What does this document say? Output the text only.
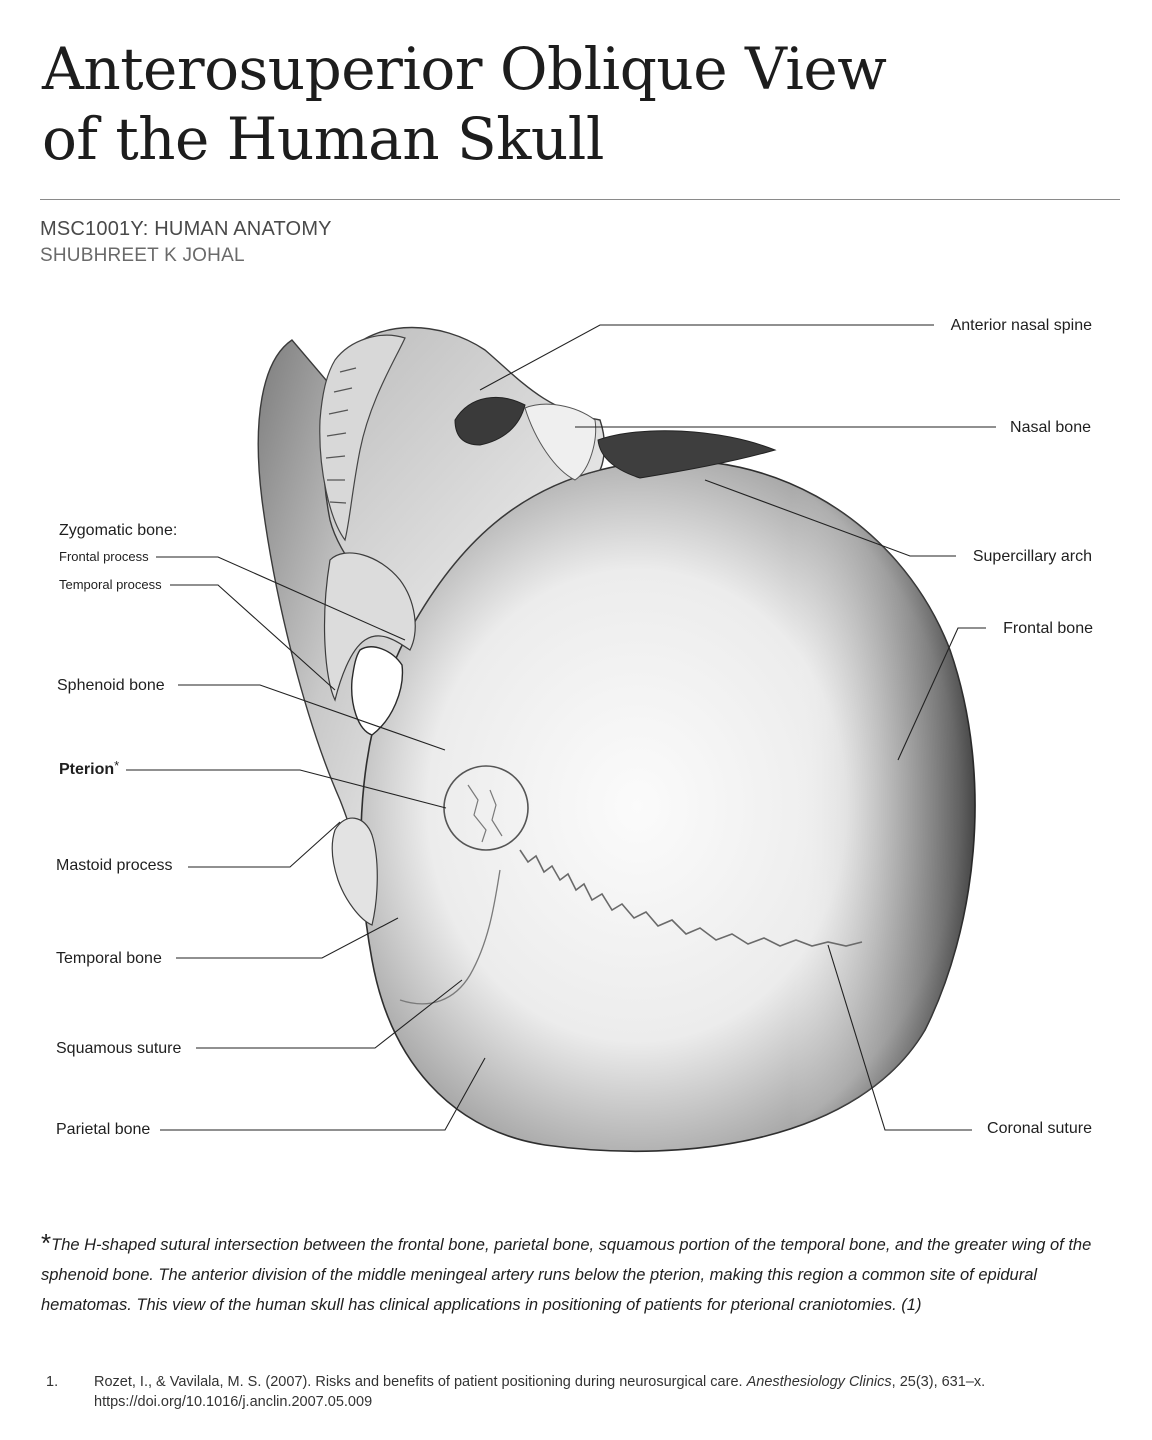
Anterosuperior Oblique View
of the Human Skull
MSC1001Y: HUMAN ANATOMY
SHUBHREET K JOHAL
Anterior nasal spine
Nasal bone
Supercillary arch
Frontal bone
Coronal suture
Zygomatic bone:
Frontal process
Temporal process
Sphenoid bone
Pterion*
Mastoid process
Temporal bone
Squamous suture
Parietal bone
*The H-shaped sutural intersection between the frontal bone, parietal bone, squamous portion of the temporal bone, and the greater wing of the sphenoid bone. The anterior division of the middle meningeal artery runs below the pterion, making this region a common site of epidural hematomas. This view of the human skull has clinical applications in positioning of patients for pterional craniotomies. (1)
1. Rozet, I., & Vavilala, M. S. (2007). Risks and benefits of patient positioning during neurosurgical care. Anesthesiology Clinics, 25(3), 631–x.
https://doi.org/10.1016/j.anclin.2007.05.009
